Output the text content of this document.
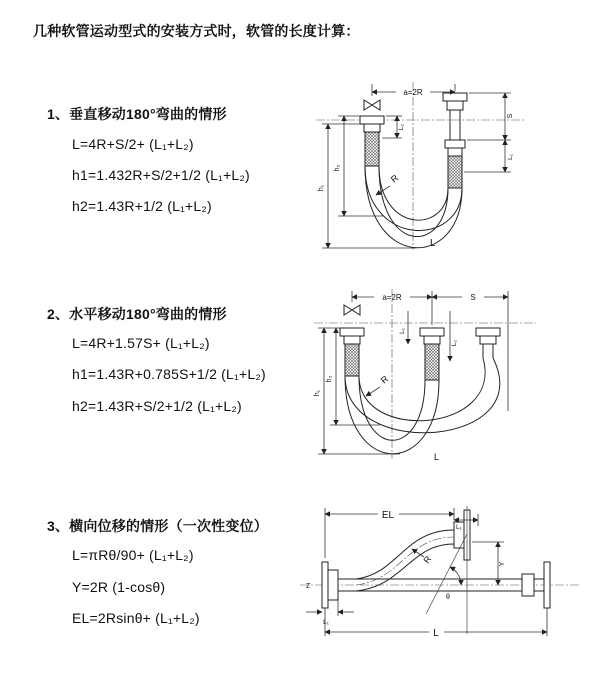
几种软管运动型式的安装方式时，软管的长度计算：
1、垂直移动180°弯曲的情形
L=4R+S/2+ (L₁+L₂)
h1=1.432R+S/2+1/2 (L₁+L₂)
h2=1.43R+1/2 (L₁+L₂)
2、水平移动180°弯曲的情形
L=4R+1.57S+ (L₁+L₂)
h1=1.43R+0.785S+1/2 (L₁+L₂)
h2=1.43R+S/2+1/2 (L₁+L₂)
3、横向位移的情形（一次性变位）
L=πRθ/90+ (L₁+L₂)
Y=2R (1-cosθ)
EL=2Rsinθ+ (L₁+L₂)
a=2R
h₁
h₂
S
L₁
L₂
R
L
a=2R	S
h₁
h₂
L₁
L₂
R
L
θ
EL
L₁
Y
L
L₁
R
Z
